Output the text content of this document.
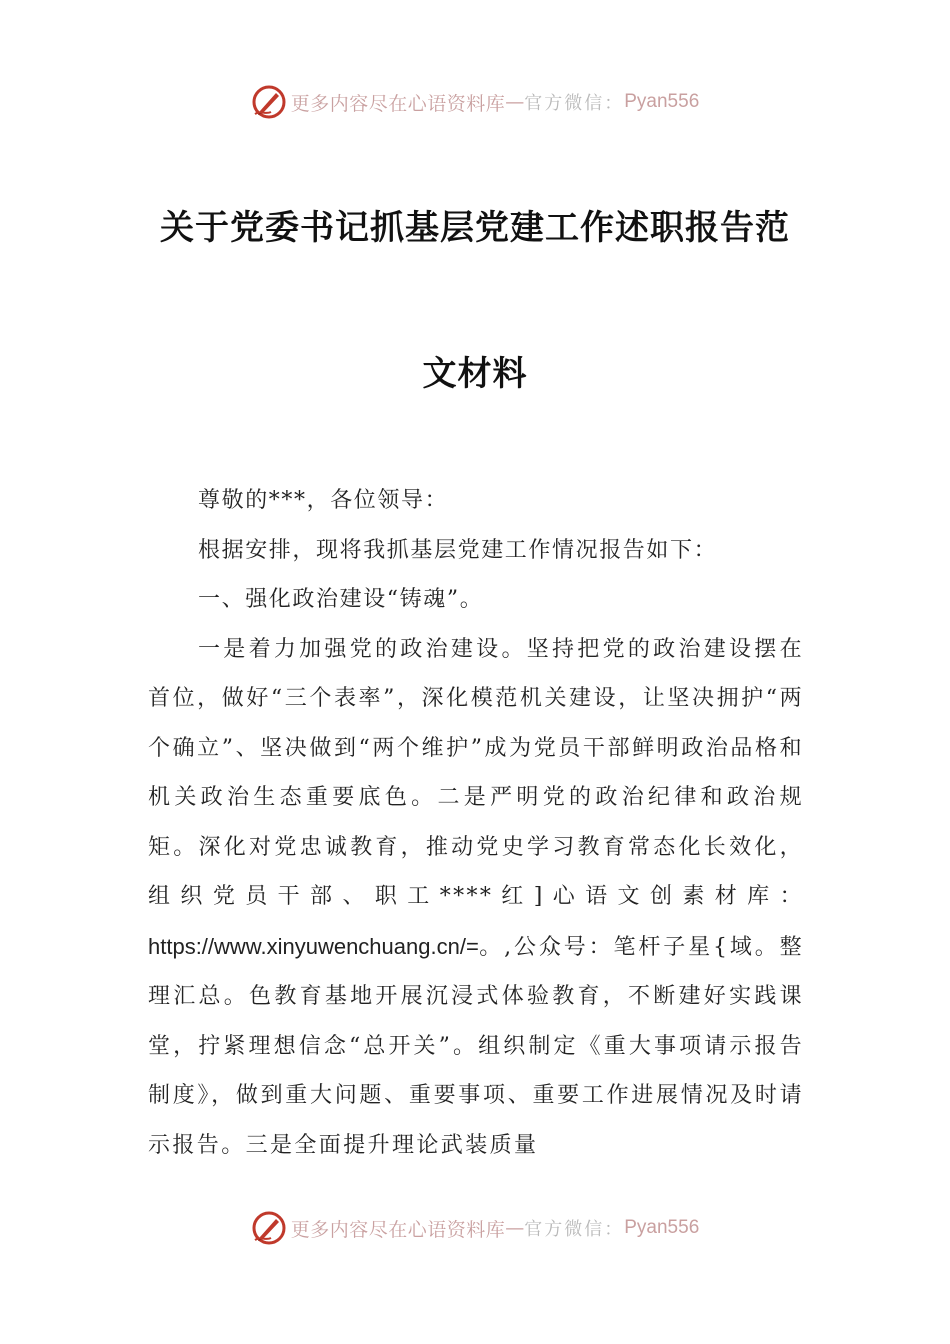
更多内容尽在心语资料库 — 官方微信： Pyan556
关于党委书记抓基层党建工作述职报告范
文材料

尊敬的***，各位领导：

根据安排，现将我抓基层党建工作情况报告如下：

一、强化政治建设“铸魂”。

一是着力加强党的政治建设。坚持把党的政治建设摆在首位，做好“三个表率”，深化模范机关建设，让坚决拥护“两个确立”、坚决做到“两个维护”成为党员干部鲜明政治品格和机关政治生态重要底色。二是严明党的政治纪律和政治规矩。深化对党忠诚教育，推动党史学习教育常态化长效化，组织党员干部、职工****红]心语文创素材库：https://www.xinyuwenchuang.cn/=。,公众号：笔杆子星{域。整理汇总。色教育基地开展沉浸式体验教育，不断建好实践课堂，拧紧理想信念“总开关”。组织制定《重大事项请示报告制度》，做到重大问题、重要事项、重要工作进展情况及时请示报告。三是全面提升理论武装质量

更多内容尽在心语资料库 — 官方微信： Pyan556
